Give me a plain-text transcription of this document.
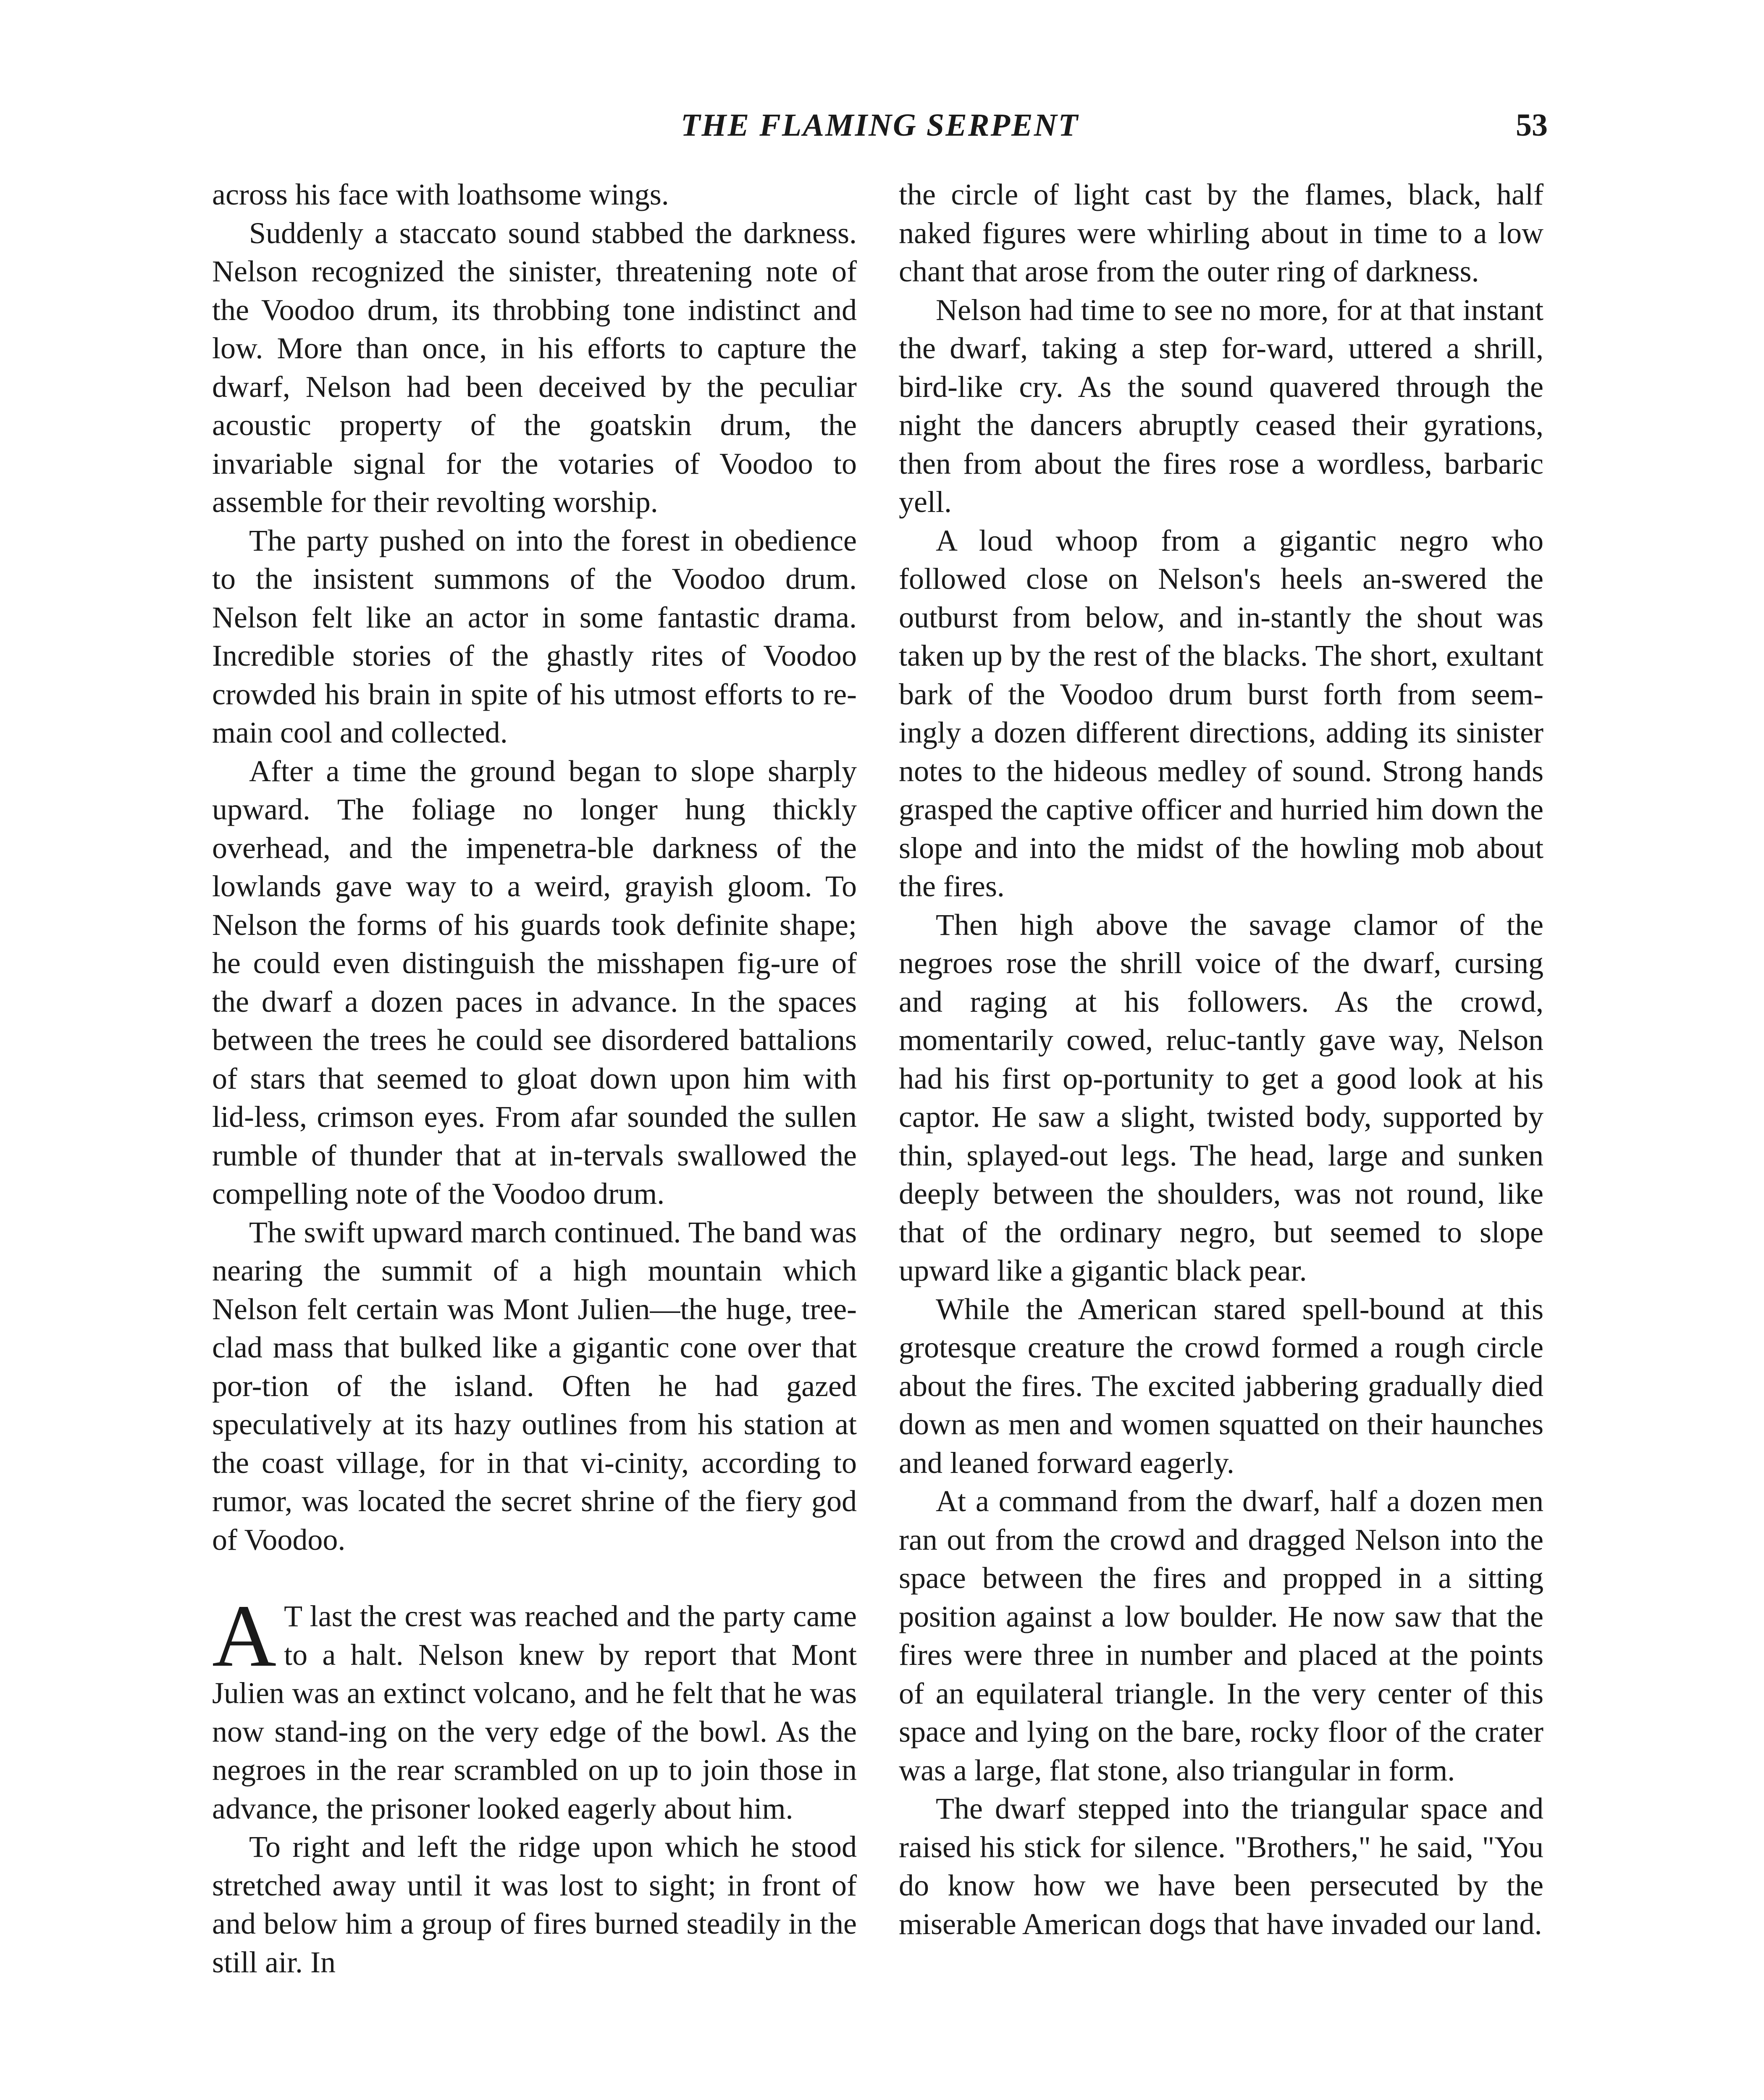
THE FLAMING SERPENT	53

across his face with loathsome wings.

Suddenly a staccato sound stabbed the darkness. Nelson recognized the sinister, threatening note of the Voodoo drum, its throbbing tone indistinct and low. More than once, in his efforts to capture the dwarf, Nelson had been deceived by the peculiar acoustic property of the goatskin drum, the invariable signal for the votaries of Voodoo to assemble for their revolting worship.

The party pushed on into the forest in obedience to the insistent summons of the Voodoo drum. Nelson felt like an actor in some fantastic drama. Incredible stories of the ghastly rites of Voodoo crowded his brain in spite of his utmost efforts to re-main cool and collected.

After a time the ground began to slope sharply upward. The foliage no longer hung thickly overhead, and the impenetra-ble darkness of the lowlands gave way to a weird, grayish gloom. To Nelson the forms of his guards took definite shape; he could even distinguish the misshapen fig-ure of the dwarf a dozen paces in advance. In the spaces between the trees he could see disordered battalions of stars that seemed to gloat down upon him with lid-less, crimson eyes. From afar sounded the sullen rumble of thunder that at in-tervals swallowed the compelling note of the Voodoo drum.

The swift upward march continued. The band was nearing the summit of a high mountain which Nelson felt certain was Mont Julien—the huge, tree-clad mass that bulked like a gigantic cone over that por-tion of the island. Often he had gazed speculatively at its hazy outlines from his station at the coast village, for in that vi-cinity, according to rumor, was located the secret shrine of the fiery god of Voodoo.

A T last the crest was reached and the party came to a halt. Nelson knew by report that Mont Julien was an extinct volcano, and he felt that he was now stand-ing on the very edge of the bowl. As the negroes in the rear scrambled on up to join those in advance, the prisoner looked eagerly about him.

To right and left the ridge upon which he stood stretched away until it was lost to sight; in front of and below him a group of fires burned steadily in the still air. In

the circle of light cast by the flames, black, half naked figures were whirling about in time to a low chant that arose from the outer ring of darkness.

Nelson had time to see no more, for at that instant the dwarf, taking a step for-ward, uttered a shrill, bird-like cry. As the sound quavered through the night the dancers abruptly ceased their gyrations, then from about the fires rose a wordless, barbaric yell.

A loud whoop from a gigantic negro who followed close on Nelson's heels an-swered the outburst from below, and in-stantly the shout was taken up by the rest of the blacks. The short, exultant bark of the Voodoo drum burst forth from seem-ingly a dozen different directions, adding its sinister notes to the hideous medley of sound. Strong hands grasped the captive officer and hurried him down the slope and into the midst of the howling mob about the fires.

Then high above the savage clamor of the negroes rose the shrill voice of the dwarf, cursing and raging at his followers. As the crowd, momentarily cowed, reluc-tantly gave way, Nelson had his first op-portunity to get a good look at his captor. He saw a slight, twisted body, supported by thin, splayed-out legs. The head, large and sunken deeply between the shoulders, was not round, like that of the ordinary negro, but seemed to slope upward like a gigantic black pear.

While the American stared spell-bound at this grotesque creature the crowd formed a rough circle about the fires. The excited jabbering gradually died down as men and women squatted on their haunches and leaned forward eagerly.

At a command from the dwarf, half a dozen men ran out from the crowd and dragged Nelson into the space between the fires and propped in a sitting position against a low boulder. He now saw that the fires were three in number and placed at the points of an equilateral triangle. In the very center of this space and lying on the bare, rocky floor of the crater was a large, flat stone, also triangular in form.

The dwarf stepped into the triangular space and raised his stick for silence. "Brothers," he said, "You do know how we have been persecuted by the miserable American dogs that have invaded our land.
